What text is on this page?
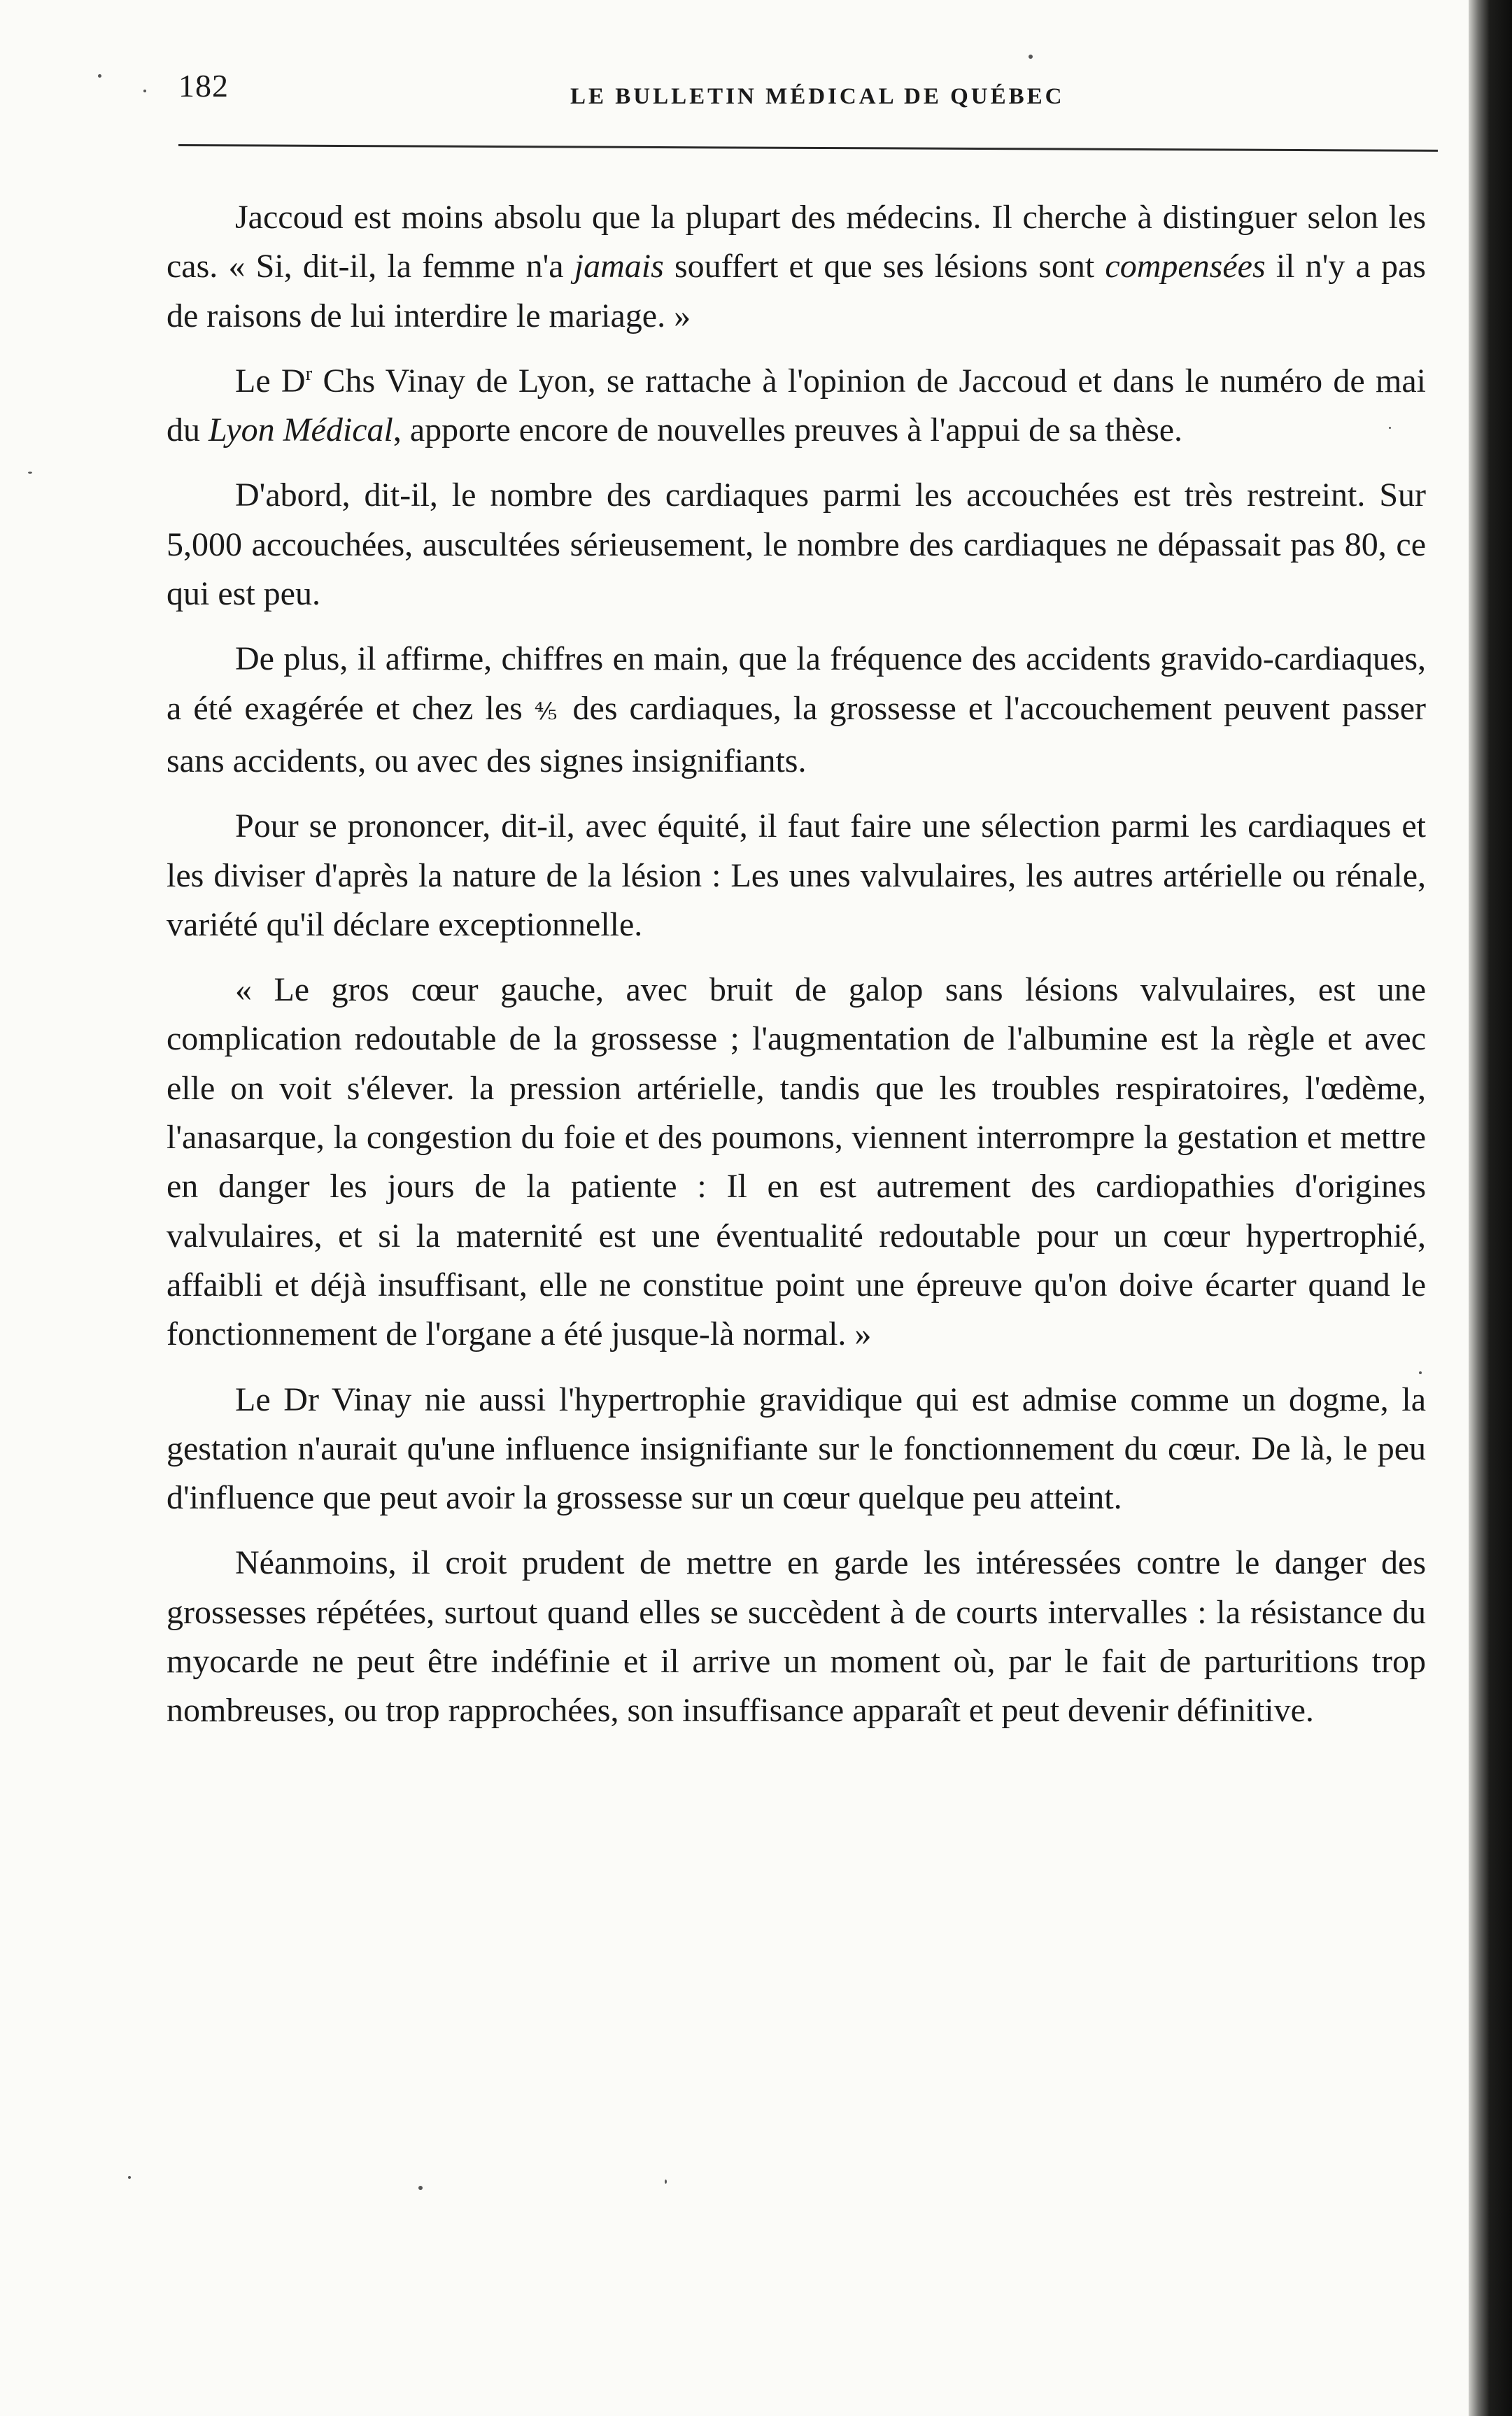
182	LE BULLETIN MÉDICAL DE QUÉBEC

Jaccoud est moins absolu que la plupart des médecins. Il cherche à distinguer selon les cas. « Si, dit-il, la femme n'a jamais souffert et que ses lésions sont compensées il n'y a pas de raisons de lui interdire le mariage. »

Le $D^r$ Chs Vinay de Lyon, se rattache à l'opinion de Jaccoud et dans le numéro de mai du Lyon Médical, apporte encore de nouvelles preuves à l'appui de sa thèse.

D'abord, dit-il, le nombre des cardiaques parmi les accouchées est très restreint. Sur 5,000 accouchées, auscultées sérieusement, le nombre des cardiaques ne dépassait pas 80, ce qui est peu.

De plus, il affirme, chiffres en main, que la fréquence des accidents gravido-cardiaques, a été exagérée et chez les ⅘ des cardiaques, la grossesse et l'accouchement peuvent passer sans accidents, ou avec des signes insignifiants.

Pour se prononcer, dit-il, avec équité, il faut faire une sélection parmi les cardiaques et les diviser d'après la nature de la lésion : Les unes valvulaires, les autres artérielle ou rénale, variété qu'il déclare exceptionnelle.

« Le gros cœur gauche, avec bruit de galop sans lésions valvulaires, est une complication redoutable de la grossesse ; l'augmentation de l'albumine est la règle et avec elle on voit s'élever. la pression artérielle, tandis que les troubles respiratoires, l'œdème, l'anasarque, la congestion du foie et des poumons, viennent interrompre la gestation et mettre en danger les jours de la patiente : Il en est autrement des cardiopathies d'origines valvulaires, et si la maternité est une éventualité redoutable pour un cœur hypertrophié, affaibli et déjà insuffisant, elle ne constitue point une épreuve qu'on doive écarter quand le fonctionnement de l'organe a été jusque-là normal. »

Le Dr Vinay nie aussi l'hypertrophie gravidique qui est admise comme un dogme, la gestation n'aurait qu'une influence insignifiante sur le fonctionnement du cœur. De là, le peu d'influence que peut avoir la grossesse sur un cœur quelque peu atteint.

Néanmoins, il croit prudent de mettre en garde les intéressées contre le danger des grossesses répétées, surtout quand elles se succèdent à de courts intervalles : la résistance du myocarde ne peut être indéfinie et il arrive un moment où, par le fait de parturitions trop nombreuses, ou trop rapprochées, son insuffisance apparaît et peut devenir définitive.
